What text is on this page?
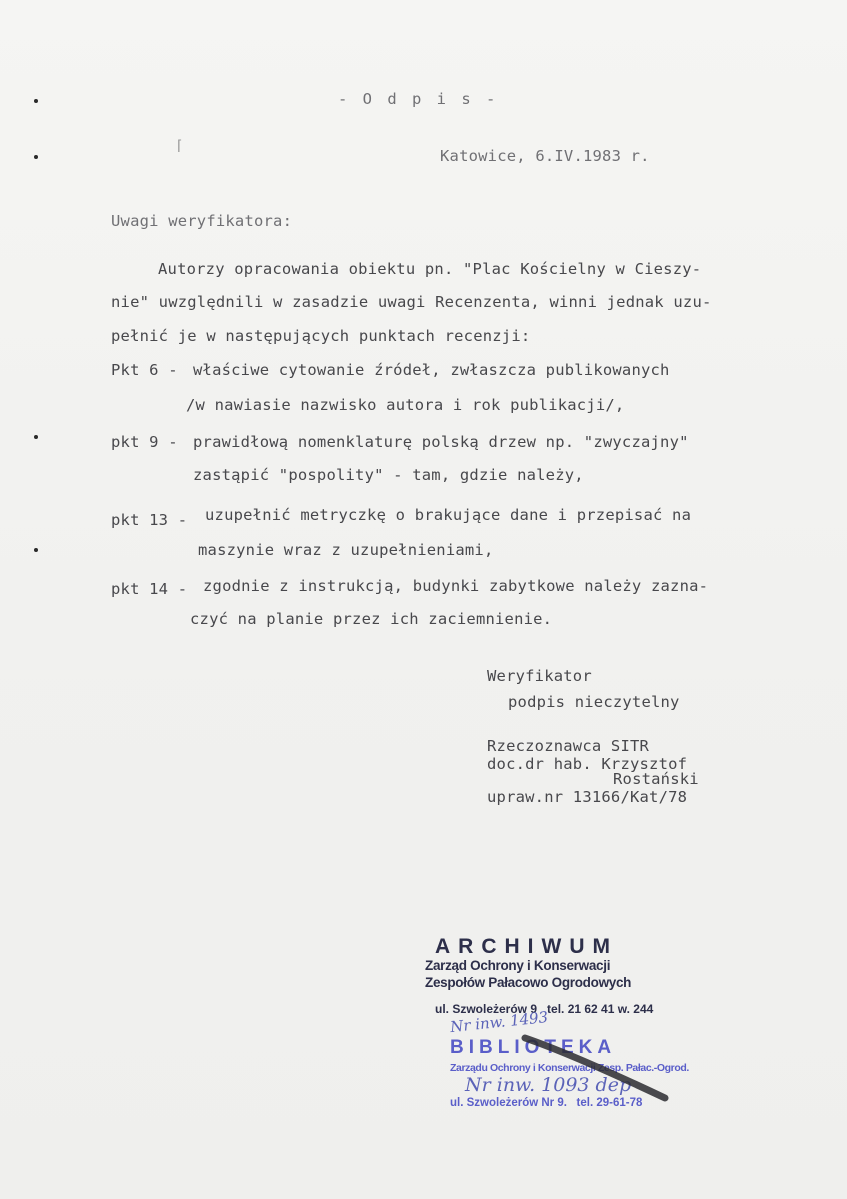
- O d p i s -
⌈
Katowice, 6.IV.1983 r.
Uwagi weryfikatora:
Autorzy opracowania obiektu pn. "Plac Kościelny w Cieszy-
nie" uwzględnili w zasadzie uwagi Recenzenta, winni jednak uzu-
pełnić je w następujących punktach recenzji:
Pkt 6 - właściwe cytowanie źródeł, zwłaszcza publikowanych
/w nawiasie nazwisko autora i rok publikacji/,
pkt 9 - prawidłową nomenklaturę polską drzew np. "zwyczajny"
zastąpić "pospolity" - tam, gdzie należy,
pkt 13 - uzupełnić metryczkę o brakujące dane i przepisać na
maszynie wraz z uzupełnieniami,
pkt 14 - zgodnie z instrukcją, budynki zabytkowe należy zazna-
czyć na planie przez ich zaciemnienie.
Weryfikator
podpis nieczytelny
Rzeczoznawca SITR
doc.dr hab. Krzysztof
Rostański
upraw.nr 13166/Kat/78
ARCHIWUM
Zarząd Ochrony i Konserwacji
Zespołów Pałacowo Ogrodowych
ul. Szwoleżerów 9   tel. 21 62 41 w. 244
Nr inw. 1493
BIBLIOTEKA
Zarządu Ochrony i Konserwacji Zesp. Pałac.-Ogrod.
Nr inw. 1093 dep
ul. Szwoleżerów Nr 9.   tel. 29-61-78
